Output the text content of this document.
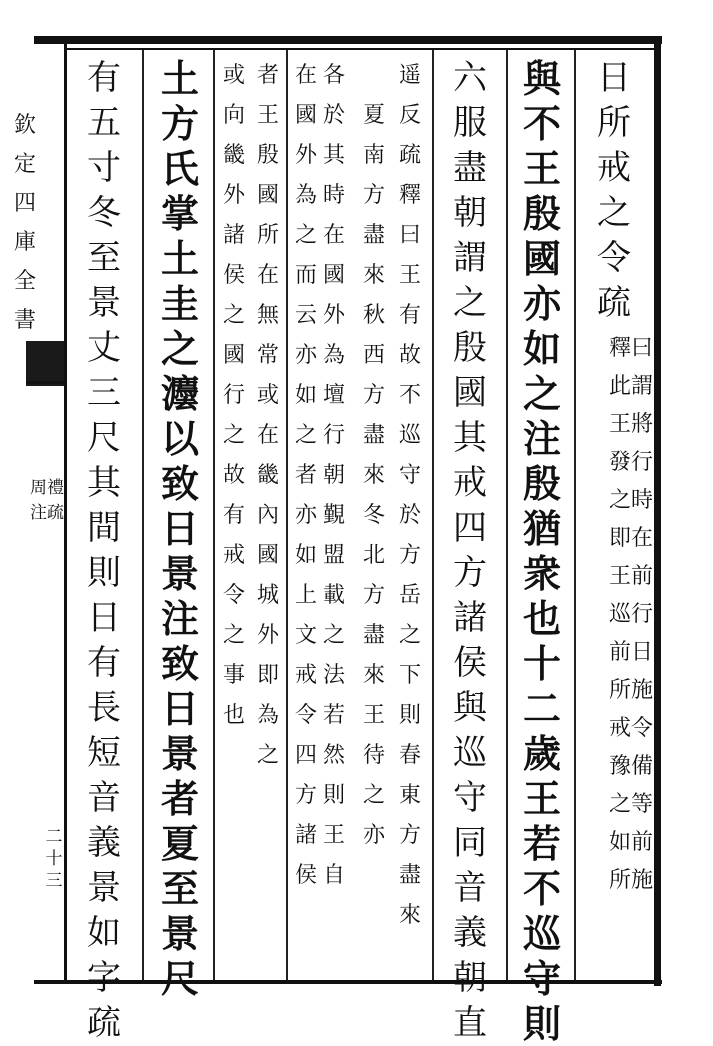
欽定四庫全書
周禮注疏
二十三
日所戒之令疏
釋曰此謂王將發行之時即在王前巡行前日所施戒令豫備之等如前所施
與不王殷國亦如之注殷猶衆也十二歲王若不巡守則
六服盡朝謂之殷國其戒四方諸侯與巡守同音義朝直
遥反疏釋曰王有故不巡守於方岳之下則春東方盡來
夏南方盡來秋西方盡來冬北方盡來王待之亦
各於其時在國外為壇行朝覲盟載之法若然則王自
在國外為之而云亦如之者亦如上文戒令四方諸侯
者王殷國所在無常或在畿內國城外即為之
或向畿外諸侯之國行之故有戒令之事也
土方氏掌土圭之灋以致日景注致日景者夏至景尺
有五寸冬至景丈三尺其間則日有長短音義景如字疏
